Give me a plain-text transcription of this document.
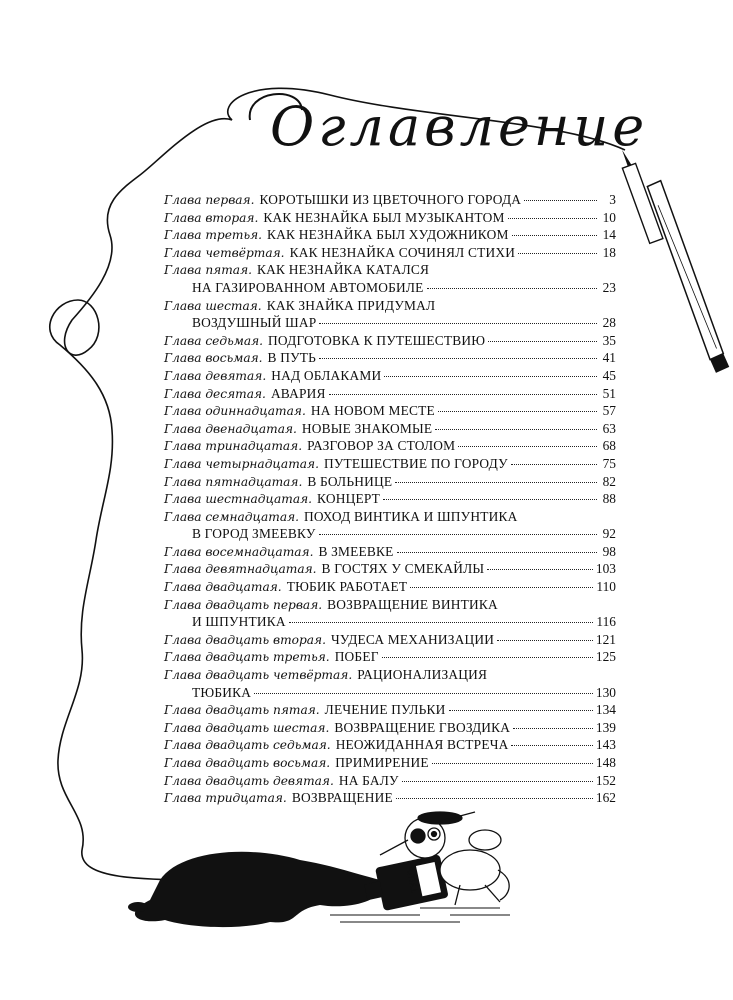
ТУШЬ
Оглавление
Глава первая. КОРОТЫШКИ ИЗ ЦВЕТОЧНОГО ГОРОДА	3
Глава вторая. КАК НЕЗНАЙКА БЫЛ МУЗЫКАНТОМ	10
Глава третья. КАК НЕЗНАЙКА БЫЛ ХУДОЖНИКОМ	14
Глава четвёртая. КАК НЕЗНАЙКА СОЧИНЯЛ СТИХИ	18
Глава пятая. КАК НЕЗНАЙКА КАТАЛСЯ
НА ГАЗИРОВАННОМ АВТОМОБИЛЕ	23
Глава шестая. КАК ЗНАЙКА ПРИДУМАЛ
ВОЗДУШНЫЙ ШАР	28
Глава седьмая. ПОДГОТОВКА К ПУТЕШЕСТВИЮ	35
Глава восьмая. В ПУТЬ	41
Глава девятая. НАД ОБЛАКАМИ	45
Глава десятая. АВАРИЯ	51
Глава одиннадцатая. НА НОВОМ МЕСТЕ	57
Глава двенадцатая. НОВЫЕ ЗНАКОМЫЕ	63
Глава тринадцатая. РАЗГОВОР ЗА СТОЛОМ	68
Глава четырнадцатая. ПУТЕШЕСТВИЕ ПО ГОРОДУ	75
Глава пятнадцатая. В БОЛЬНИЦЕ	82
Глава шестнадцатая. КОНЦЕРТ	88
Глава семнадцатая. ПОХОД ВИНТИКА И ШПУНТИКА
В ГОРОД ЗМЕЕВКУ	92
Глава восемнадцатая. В ЗМЕЕВКЕ	98
Глава девятнадцатая. В ГОСТЯХ У СМЕКАЙЛЫ	103
Глава двадцатая. ТЮБИК РАБОТАЕТ	110
Глава двадцать первая. ВОЗВРАЩЕНИЕ ВИНТИКА
И ШПУНТИКА	116
Глава двадцать вторая. ЧУДЕСА МЕХАНИЗАЦИИ	121
Глава двадцать третья. ПОБЕГ	125
Глава двадцать четвёртая. РАЦИОНАЛИЗАЦИЯ
ТЮБИКА	130
Глава двадцать пятая. ЛЕЧЕНИЕ ПУЛЬКИ	134
Глава двадцать шестая. ВОЗВРАЩЕНИЕ ГВОЗДИКА	139
Глава двадцать седьмая. НЕОЖИДАННАЯ ВСТРЕЧА	143
Глава двадцать восьмая. ПРИМИРЕНИЕ	148
Глава двадцать девятая. НА БАЛУ	152
Глава тридцатая. ВОЗВРАЩЕНИЕ	162
